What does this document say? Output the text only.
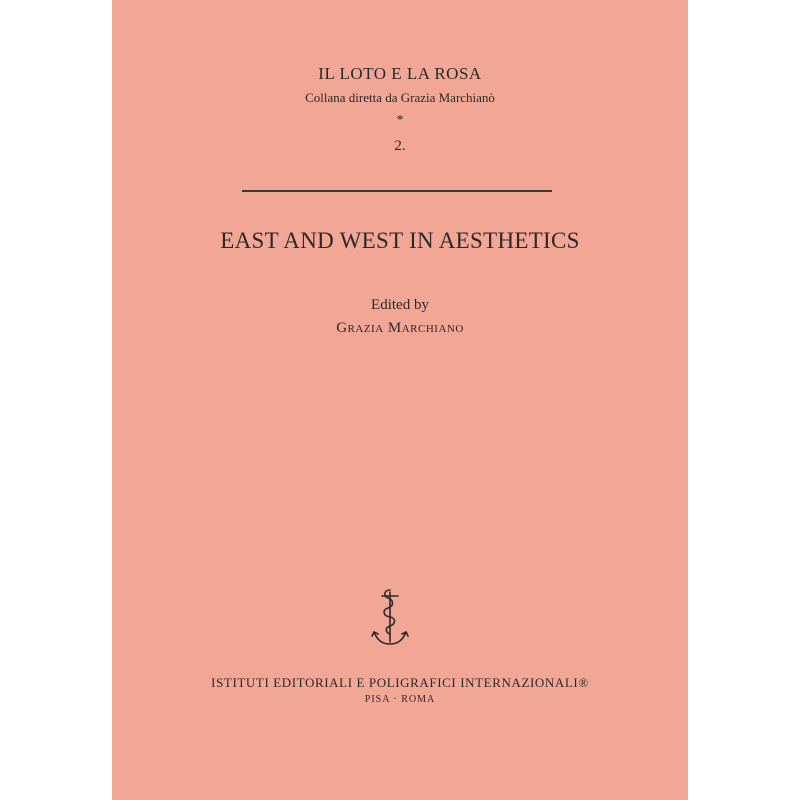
IL LOTO E LA ROSA
Collana diretta da Grazia Marchianò
*
2.
EAST AND WEST IN AESTHETICS
Edited by
Grazia Marchiano
ISTITUTI EDITORIALI E POLIGRAFICI INTERNAZIONALI®
PISA · ROMA
